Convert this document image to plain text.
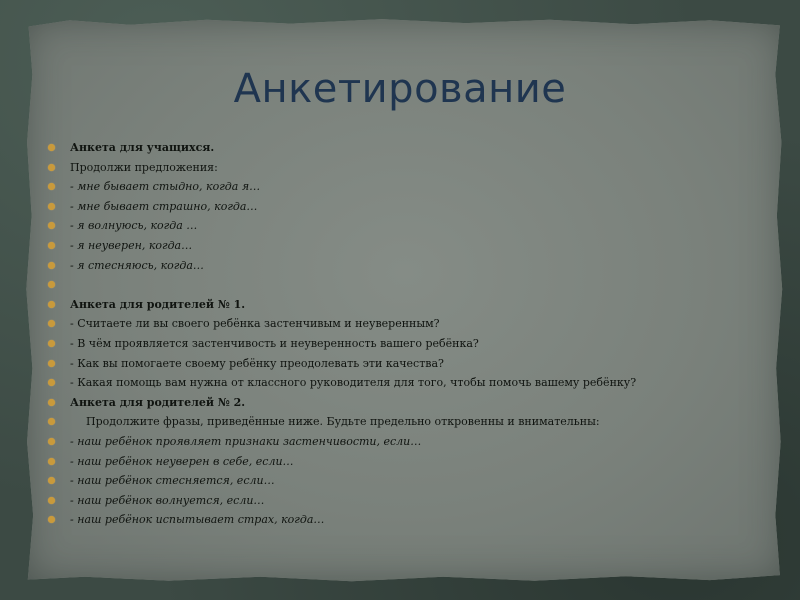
Анкетирование
Анкета для учащихся.
Продолжи предложения:
- мне бывает стыдно, когда я…
- мне бывает страшно, когда…
- я волнуюсь, когда …
- я неуверен, когда…
- я стесняюсь, когда…
Анкета для родителей № 1.
- Считаете ли вы своего ребёнка застенчивым и неуверенным?
- В чём проявляется застенчивость и неуверенность вашего ребёнка?
- Как вы помогаете своему ребёнку преодолевать эти качества?
- Какая помощь вам нужна от классного руководителя для того, чтобы помочь вашему ребёнку?
Анкета для родителей № 2.
Продолжите фразы, приведённые ниже. Будьте предельно откровенны и внимательны:
- наш ребёнок проявляет признаки застенчивости, если…
- наш ребёнок неуверен в себе, если…
- наш ребёнок стесняется, если…
- наш ребёнок волнуется, если…
- наш ребёнок испытывает страх, когда…
